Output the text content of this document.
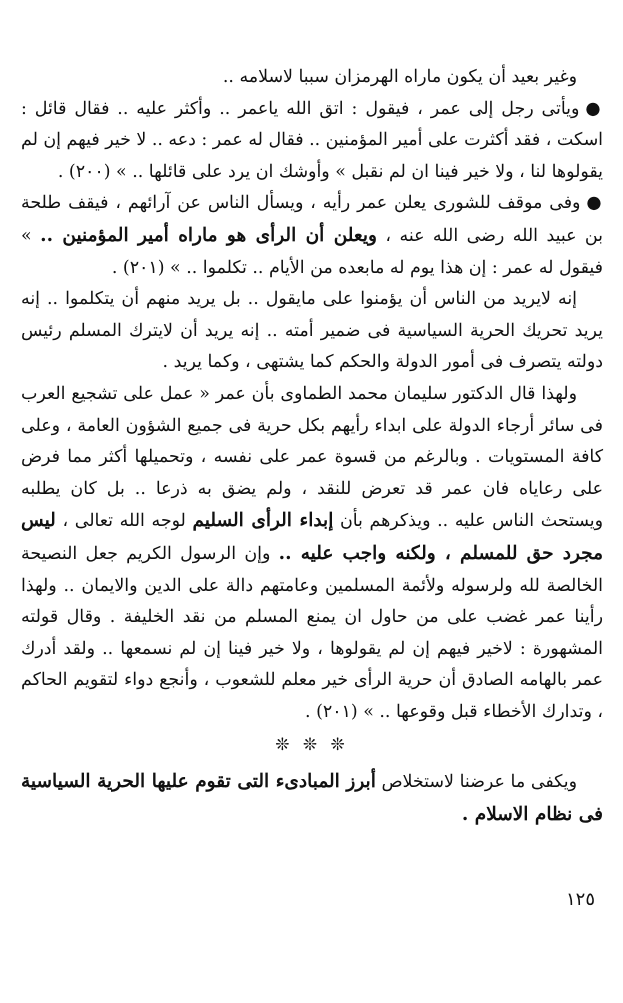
وغير بعيد أن يكون ماراه الهرمزان سببا لاسلامه ..

●ويأتى رجل إلى عمر ، فيقول : اتق الله ياعمر .. وأكثر عليه .. فقال قائل : اسكت ، فقد أكثرت على أمير المؤمنين .. فقال له عمر : دعه .. لا خير فيهم إن لم يقولوها لنا ، ولا خير فينا ان لم نقبل » وأوشك ان يرد على قائلها .. » (٢٠٠) .

●وفى موقف للشورى يعلن عمر رأيه ، ويسأل الناس عن آرائهم ، فيقف طلحة بن عبيد الله رضى الله عنه ، ويعلن أن الرأى هو ماراه أمير المؤمنين .. » فيقول له عمر : إن هذا يوم له مابعده من الأيام .. تكلموا .. » (٢٠١) .

إنه لايريد من الناس أن يؤمنوا على مايقول .. بل يريد منهم أن يتكلموا .. إنه يريد تحريك الحرية السياسية فى ضمير أمته .. إنه يريد أن لايترك المسلم رئيس دولته يتصرف فى أمور الدولة والحكم كما يشتهى ، وكما يريد .

ولهذا قال الدكتور سليمان محمد الطماوى بأن عمر « عمل على تشجيع العرب فى سائر أرجاء الدولة على ابداء رأيهم بكل حرية فى جميع الشؤون العامة ، وعلى كافة المستويات . وبالرغم من قسوة عمر على نفسه ، وتحميلها أكثر مما فرض على رعاياه فان عمر قد تعرض للنقد ، ولم يضق به ذرعا .. بل كان يطلبه ويستحث الناس عليه .. ويذكرهم بأن إبداء الرأى السليم لوجه الله تعالى ، ليس مجرد حق للمسلم ، ولكنه واجب عليه .. وإن الرسول الكريم جعل النصيحة الخالصة لله ولرسوله ولأئمة المسلمين وعامتهم دالة على الدين والايمان .. ولهذا رأينا عمر غضب على من حاول ان يمنع المسلم من نقد الخليفة . وقال قولته المشهورة : لاخير فيهم إن لم يقولوها ، ولا خير فينا إن لم نسمعها .. ولقد أدرك عمر بالهامه الصادق أن حرية الرأى خير معلم للشعوب ، وأنجع دواء لتقويم الحاكم ، وتدارك الأخطاء قبل وقوعها .. » (٢٠١) .

❊ ❊ ❊

ويكفى ما عرضنا لاستخلاص أبرز المبادىء التى تقوم عليها الحرية السياسية فى نظام الاسلام .

١٢٥
